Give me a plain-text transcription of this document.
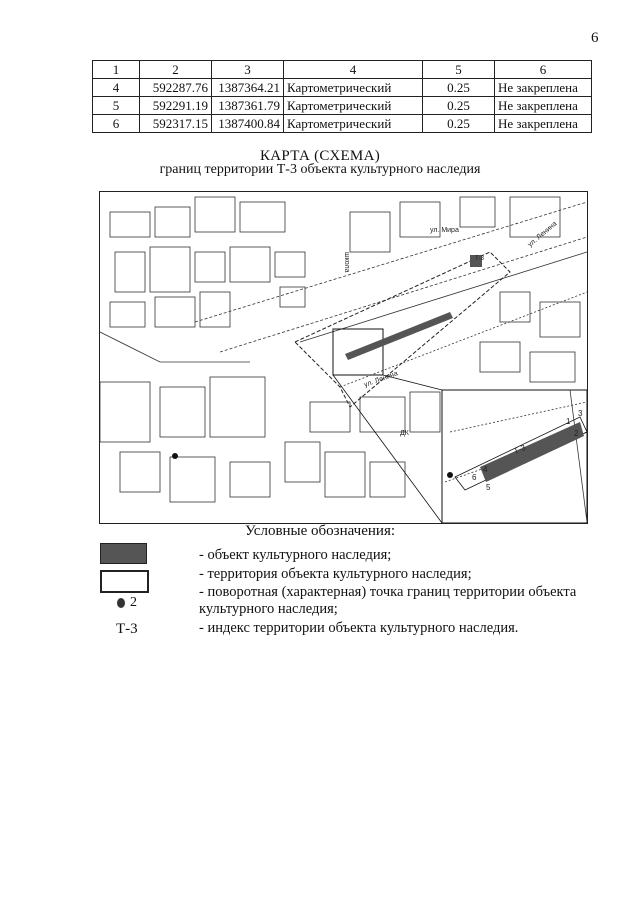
6
1	2	3	4	5	6
4	592287.76	1387364.21	Картометрический	0.25	Не закреплена
5	592291.19	1387361.79	Картометрический	0.25	Не закреплена
6	592317.15	1387400.84	Картометрический	0.25	Не закреплена
КАРТА (СХЕМА)
границ территории Т-3 объекта культурного наследия
ул. Мира	ул. Ленина
ул. Ленина
школа
ДК
Т-3
Т-3
1
2
3
4
5
6
Условные обозначения:
2
Т-3
- объект культурного наследия;
- территория объекта культурного наследия;
- поворотная (характерная) точка границ территории объекта культурного наследия;
- индекс территории объекта культурного наследия.
